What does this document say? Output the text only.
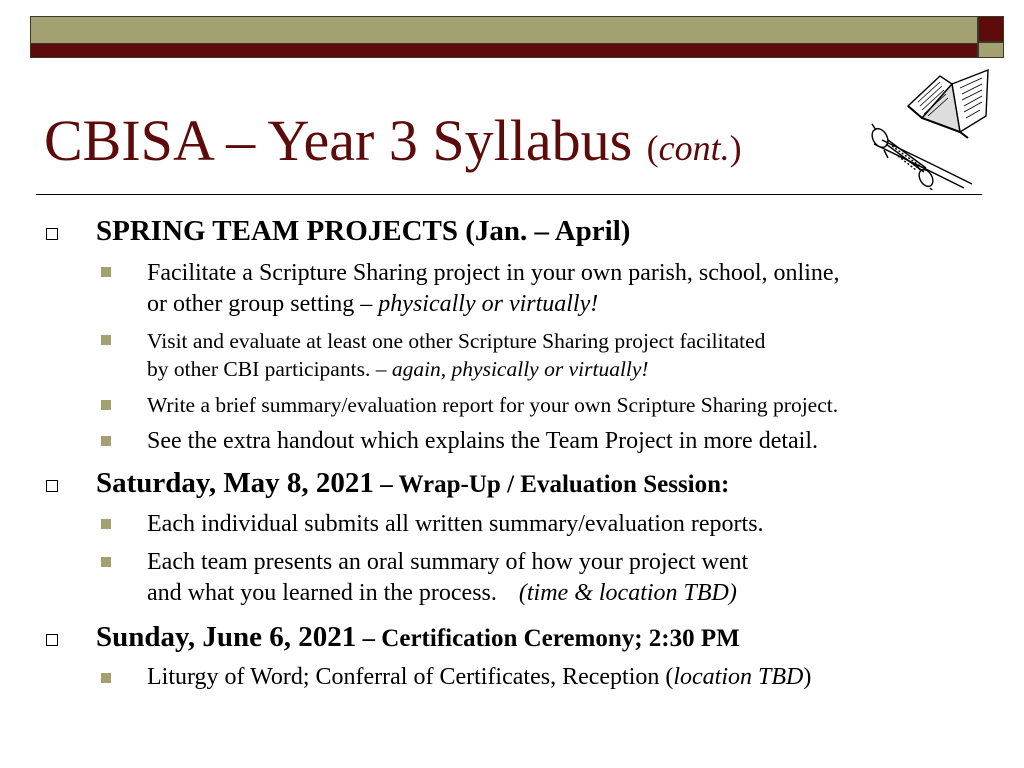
CBISA – Year 3 Syllabus (cont.)
SPRING TEAM PROJECTS (Jan. – April)
Facilitate a Scripture Sharing project in your own parish, school, online,
or other group setting – physically or virtually!
Visit and evaluate at least one other Scripture Sharing project facilitated
by other CBI participants. – again, physically or virtually!
Write a brief summary/evaluation report for your own Scripture Sharing project.
See the extra handout which explains the Team Project in more detail.
Saturday, May 8, 2021 – Wrap-Up / Evaluation Session:
Each individual submits all written summary/evaluation reports.
Each team presents an oral summary of how your project went
and what you learned in the process. (time & location TBD)
Sunday, June 6, 2021 – Certification Ceremony; 2:30 PM
Liturgy of Word; Conferral of Certificates, Reception (location TBD)
